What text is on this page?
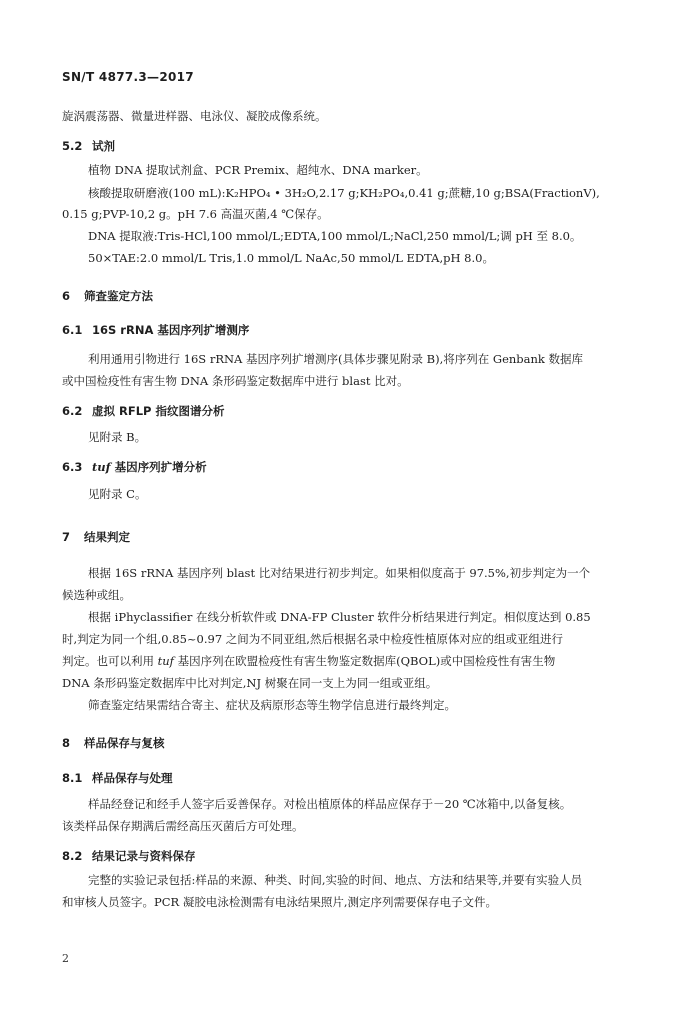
SN/T 4877.3—2017
旋涡震荡器、微量进样器、电泳仪、凝胶成像系统。
5.2 试剂
植物 DNA 提取试剂盒、PCR Premix、超纯水、DNA marker。
核酸提取研磨液(100 mL):K₂HPO₄ • 3H₂O,2.17 g;KH₂PO₄,0.41 g;蔗糖,10 g;BSA(FractionV),
0.15 g;PVP-10,2 g。pH 7.6 高温灭菌,4 ℃保存。
DNA 提取液:Tris-HCl,100 mmol/L;EDTA,100 mmol/L;NaCl,250 mmol/L;调 pH 至 8.0。
50×TAE:2.0 mmol/L Tris,1.0 mmol/L NaAc,50 mmol/L EDTA,pH 8.0。
6 筛查鉴定方法
6.1 16S rRNA 基因序列扩增测序
利用通用引物进行 16S rRNA 基因序列扩增测序(具体步骤见附录 B),将序列在 Genbank 数据库
或中国检疫性有害生物 DNA 条形码鉴定数据库中进行 blast 比对。
6.2 虚拟 RFLP 指纹图谱分析
见附录 B。
6.3 tuf 基因序列扩增分析
见附录 C。
7 结果判定
根据 16S rRNA 基因序列 blast 比对结果进行初步判定。如果相似度高于 97.5%,初步判定为一个
候选种或组。
根据 iPhyclassifier 在线分析软件或 DNA-FP Cluster 软件分析结果进行判定。相似度达到 0.85
时,判定为同一个组,0.85~0.97 之间为不同亚组,然后根据名录中检疫性植原体对应的组或亚组进行
判定。也可以利用 tuf 基因序列在欧盟检疫性有害生物鉴定数据库(QBOL)或中国检疫性有害生物
DNA 条形码鉴定数据库中比对判定,NJ 树聚在同一支上为同一组或亚组。
筛查鉴定结果需结合寄主、症状及病原形态等生物学信息进行最终判定。
8 样品保存与复核
8.1 样品保存与处理
样品经登记和经手人签字后妥善保存。对检出植原体的样品应保存于－20 ℃冰箱中,以备复核。
该类样品保存期满后需经高压灭菌后方可处理。
8.2 结果记录与资料保存
完整的实验记录包括:样品的来源、种类、时间,实验的时间、地点、方法和结果等,并要有实验人员
和审核人员签字。PCR 凝胶电泳检测需有电泳结果照片,测定序列需要保存电子文件。
2
